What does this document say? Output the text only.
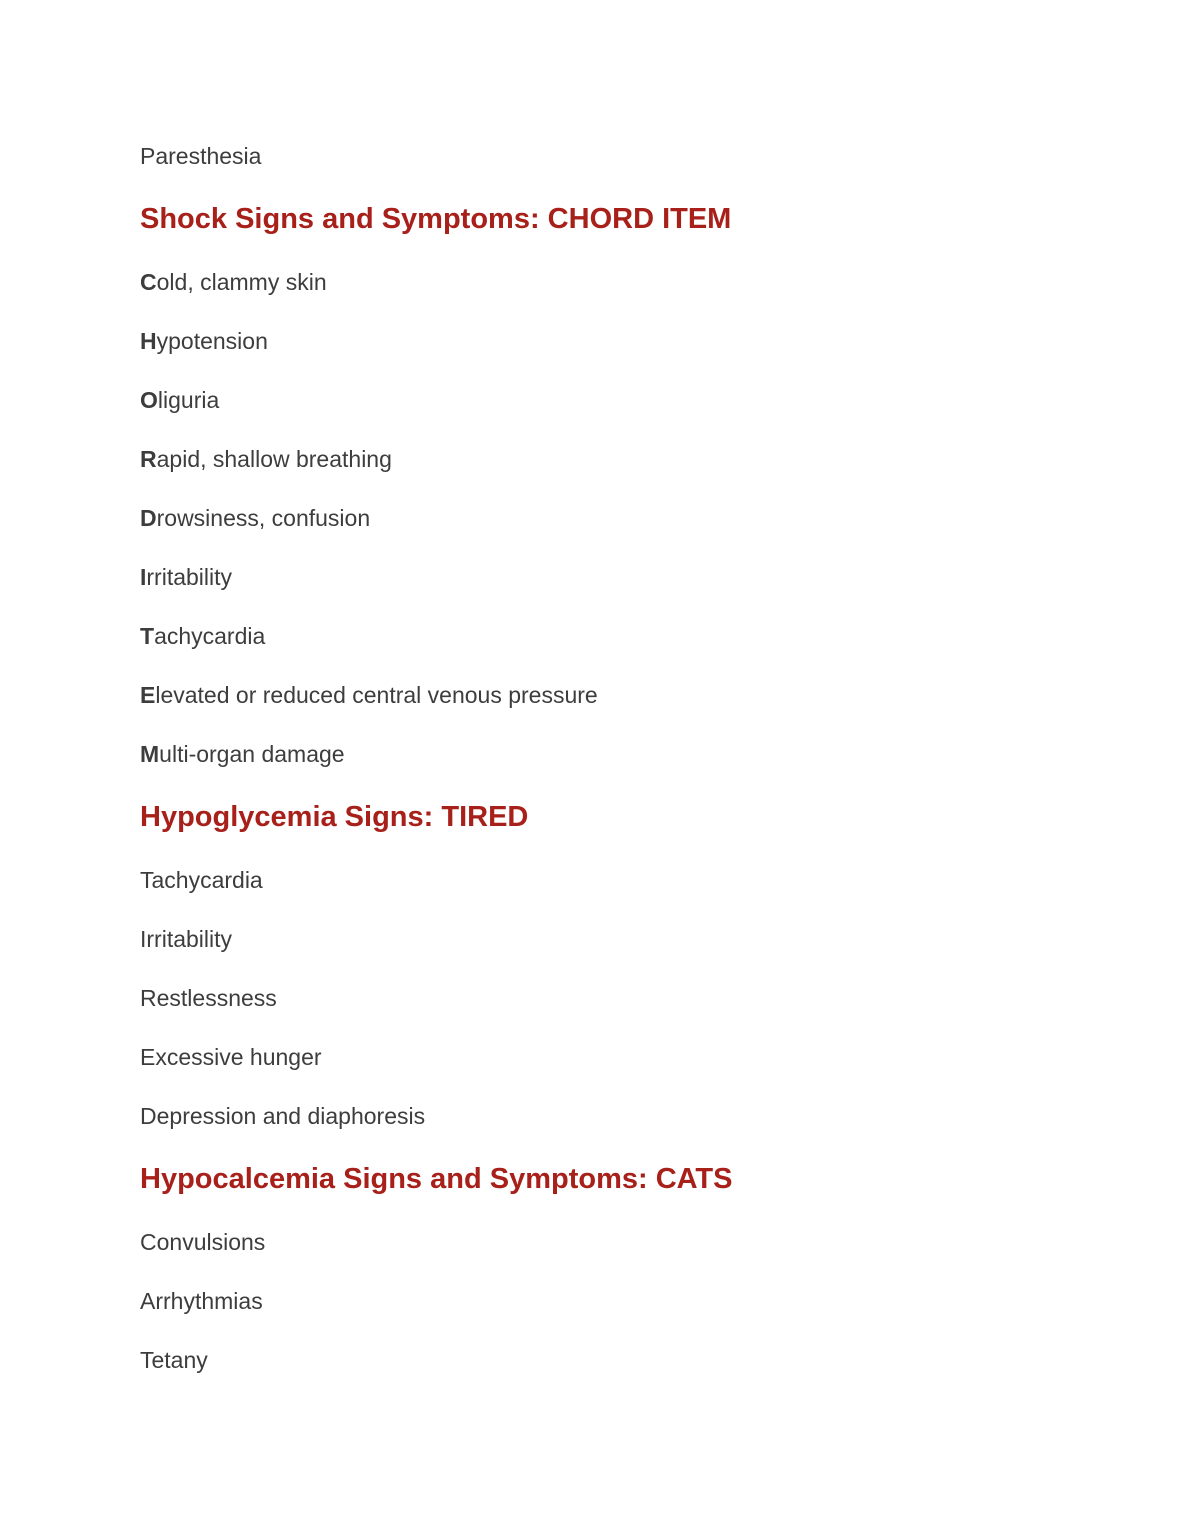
Paresthesia

Shock Signs and Symptoms: CHORD ITEM

Cold, clammy skin

Hypotension

Oliguria

Rapid, shallow breathing

Drowsiness, confusion

Irritability

Tachycardia

Elevated or reduced central venous pressure

Multi-organ damage

Hypoglycemia Signs: TIRED

Tachycardia

Irritability

Restlessness

Excessive hunger

Depression and diaphoresis

Hypocalcemia Signs and Symptoms: CATS

Convulsions

Arrhythmias

Tetany
